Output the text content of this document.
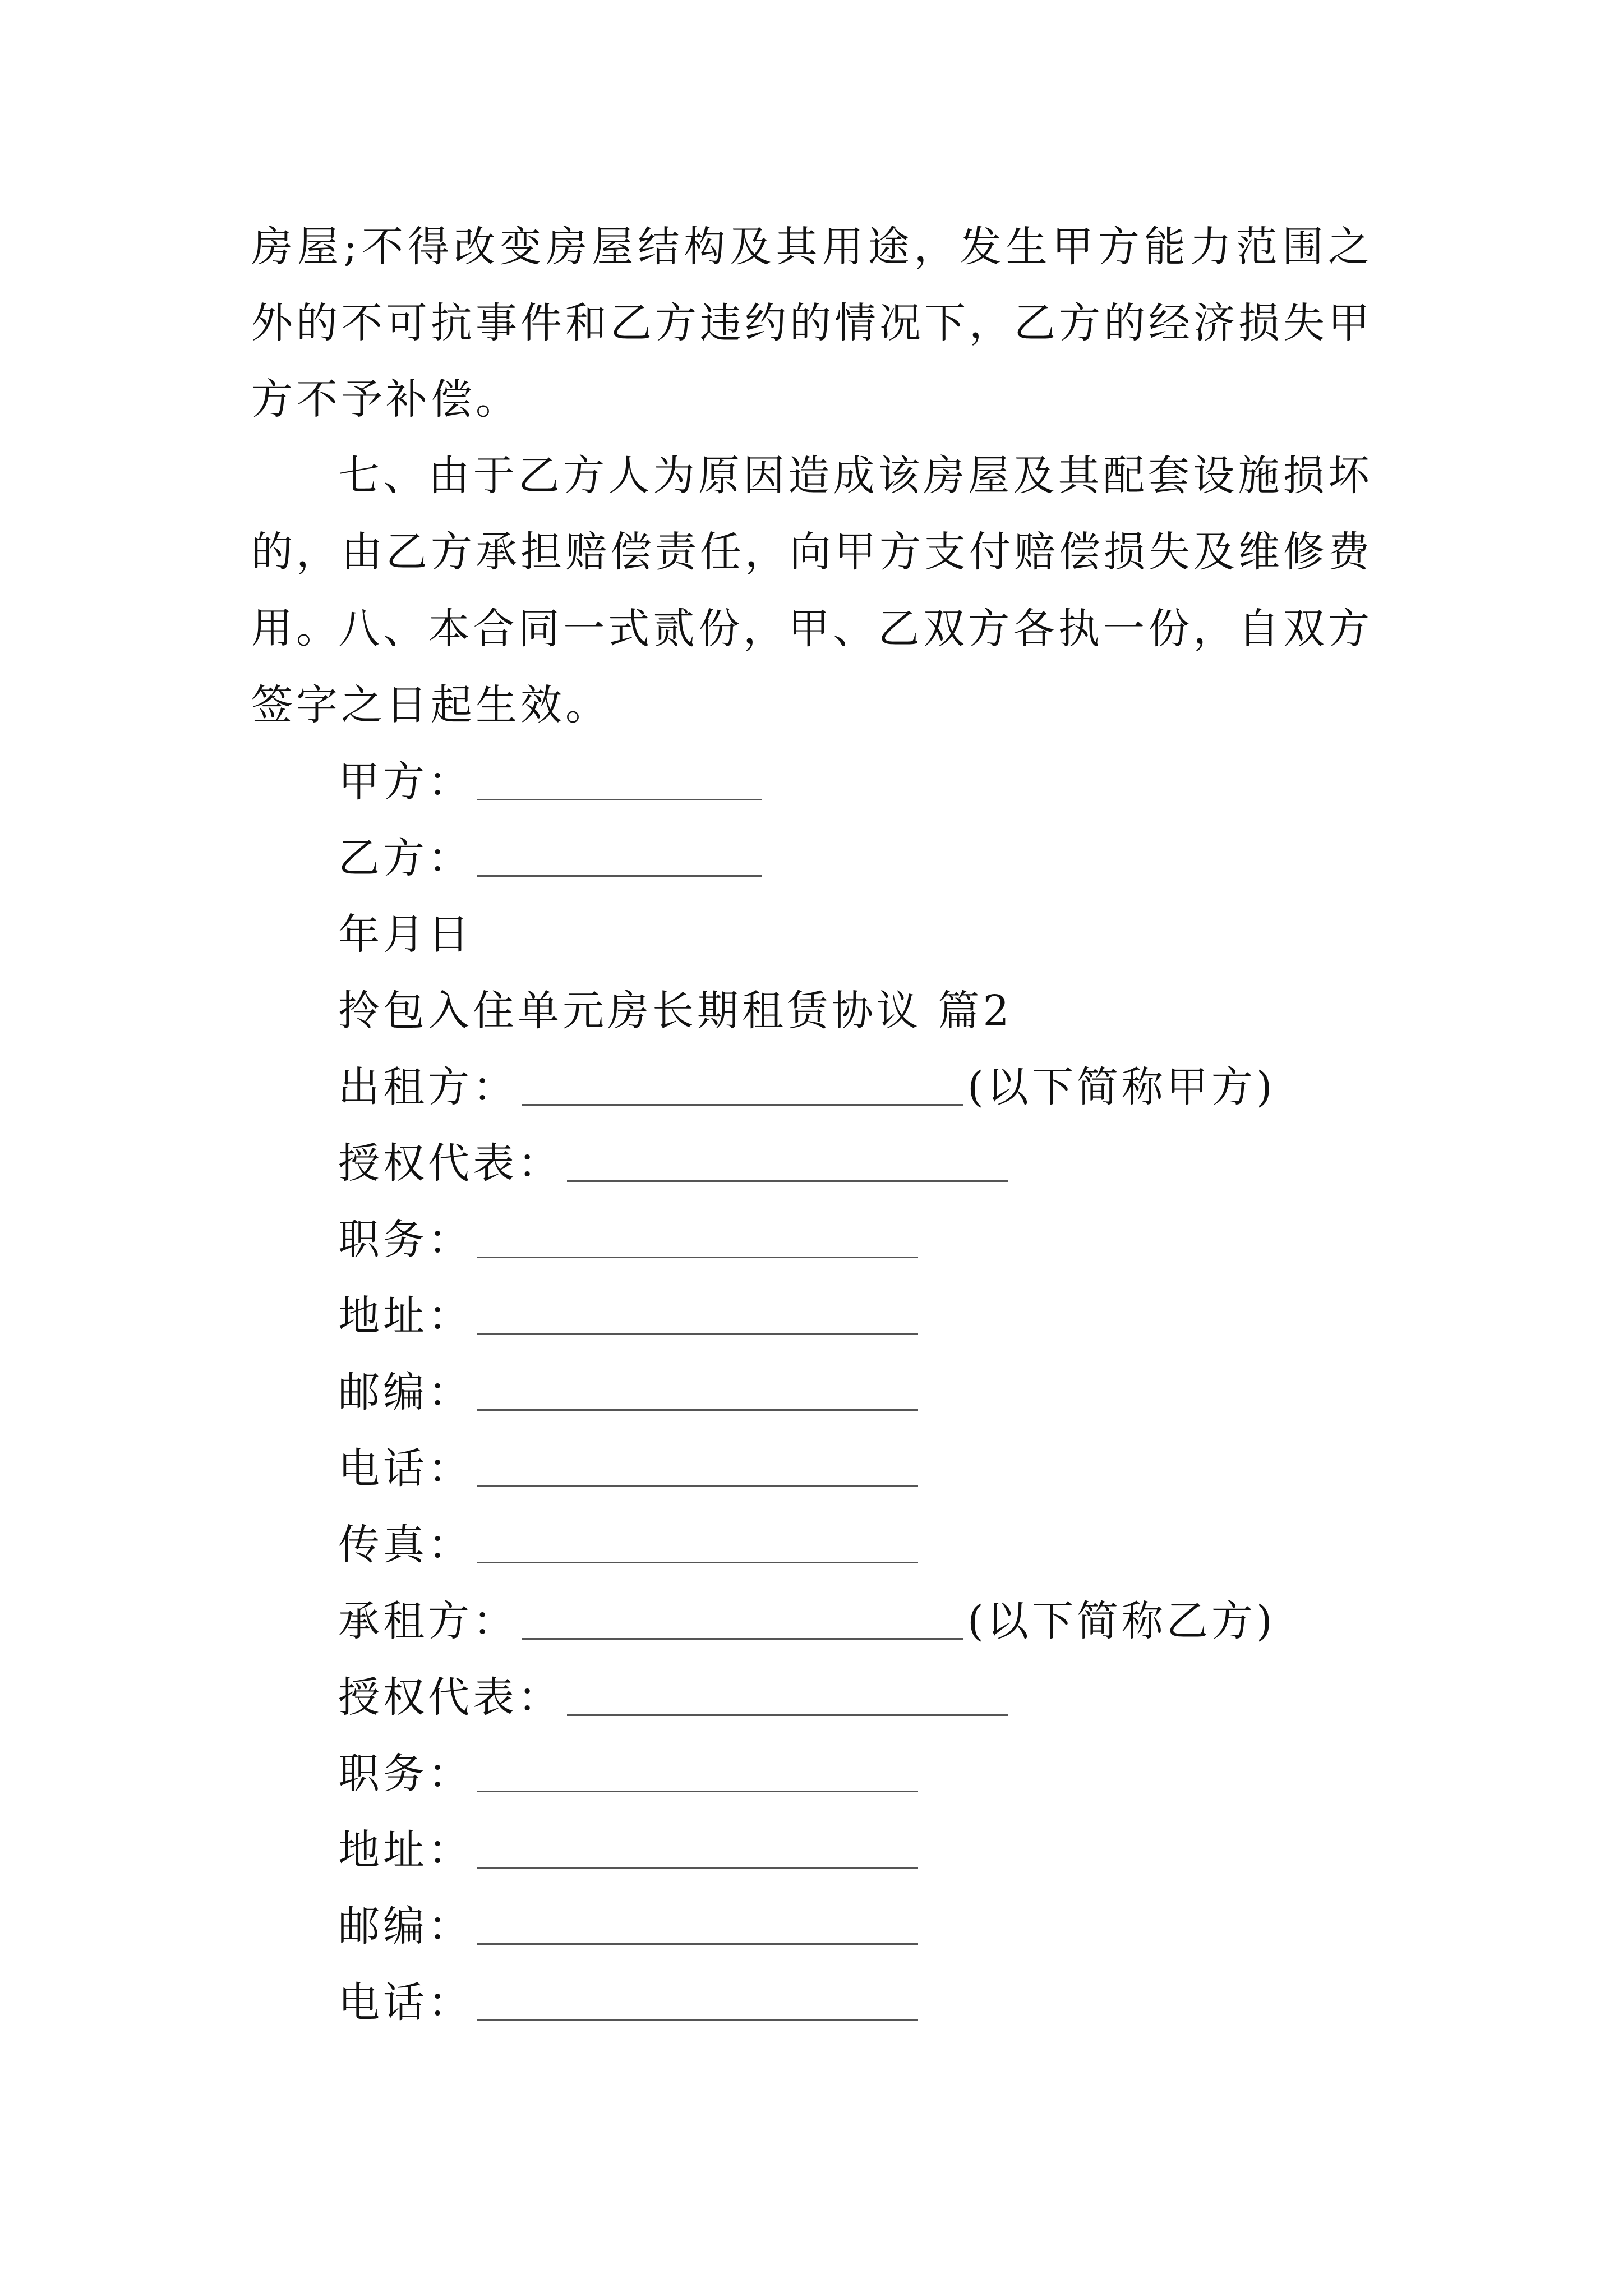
房屋;不得改变房屋结构及其用途，发生甲方能力范围之外的不可抗事件和乙方违约的情况下，乙方的经济损失甲方不予补偿。

七、由于乙方人为原因造成该房屋及其配套设施损坏的，由乙方承担赔偿责任，向甲方支付赔偿损失及维修费用。

八、本合同一式贰份，甲、乙双方各执一份，自双方签字之日起生效。

甲方：
乙方：
年月日
拎包入住单元房长期租赁协议 篇2
出租方：	(以下简称甲方)
授权代表：
职务：
地址：
邮编：
电话：
传真：
承租方：	(以下简称乙方)
授权代表：
职务：
地址：
邮编：
电话：
